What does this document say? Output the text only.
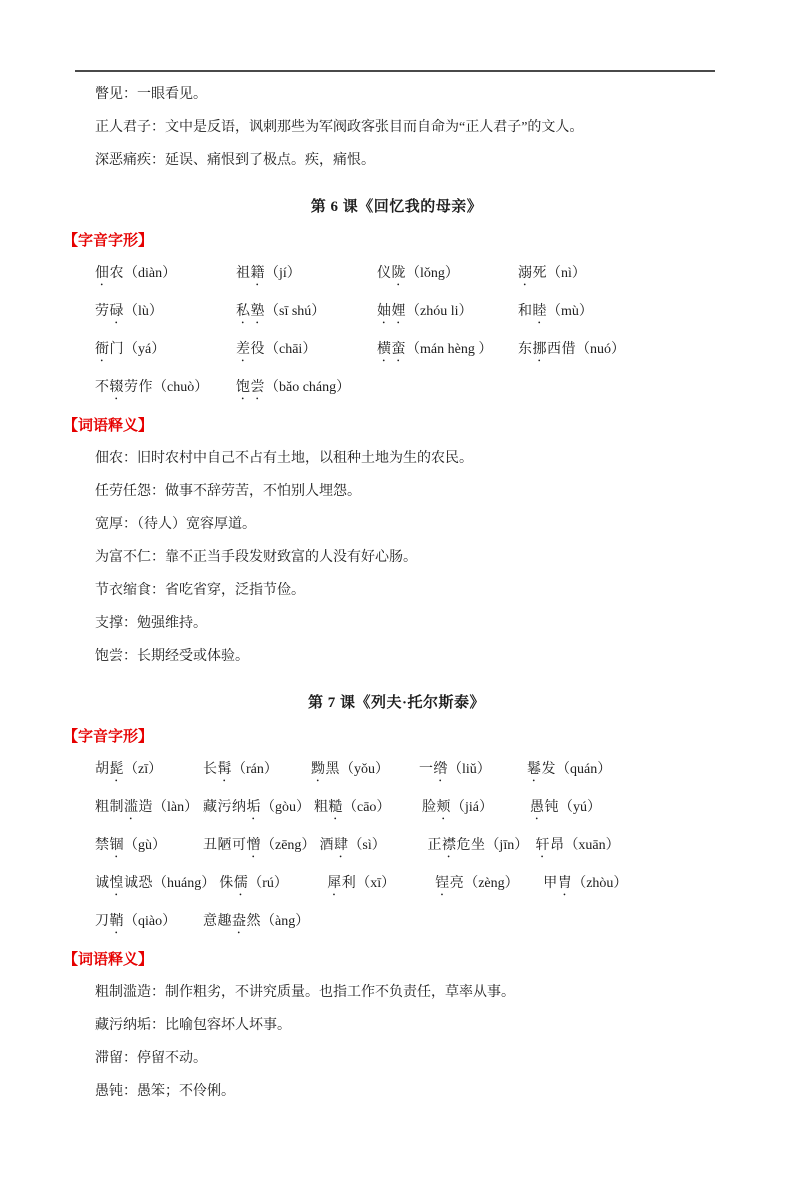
瞥见：一眼看见。

正人君子：文中是反语，讽刺那些为军阀政客张目而自命为“正人君子”的文人。

深恶痛疾：延误、痛恨到了极点。疾，痛恨。

第 6 课《回忆我的母亲》
【字音字形】
佃农（diàn）	祖籍（jí）	仪陇（lǒng）	溺死（nì）
劳碌（lù）	私塾（sī shú）	妯娌（zhóu li）	和睦（mù）
衙门（yá）	差役（chāi）	横蛮（mán hèng ）	东挪西借（nuó）
不辍劳作（chuò）	饱尝（bǎo cháng）
【词语释义】

佃农：旧时农村中自己不占有土地，以租种土地为生的农民。

任劳任怨：做事不辞劳苦，不怕别人埋怨。

宽厚：（待人）宽容厚道。

为富不仁：靠不正当手段发财致富的人没有好心肠。

节衣缩食：省吃省穿，泛指节俭。

支撑：勉强维持。

饱尝：长期经受或体验。

第 7 课《列夫·托尔斯泰》
【字音字形】
胡髭（zī）	长髯（rán）	黝黑（yǒu）	一绺（liǔ）	鬈发（quán）
粗制滥造（làn） 藏污纳垢（gòu） 粗糙（cāo）	脸颊（jiá）	愚钝（yú）
禁锢（gù）	丑陋可憎（zēng） 酒肆（sì）	正襟危坐（jīn） 轩昂（xuān）
诚惶诚恐（huáng） 侏儒（rú）	犀利（xī）	锃亮（zèng）	甲胄（zhòu）
刀鞘（qiào）	意趣盎然（àng）
【词语释义】

粗制滥造：制作粗劣，不讲究质量。也指工作不负责任，草率从事。

藏污纳垢：比喻包容坏人坏事。

滞留：停留不动。

愚钝：愚笨；不伶俐。
